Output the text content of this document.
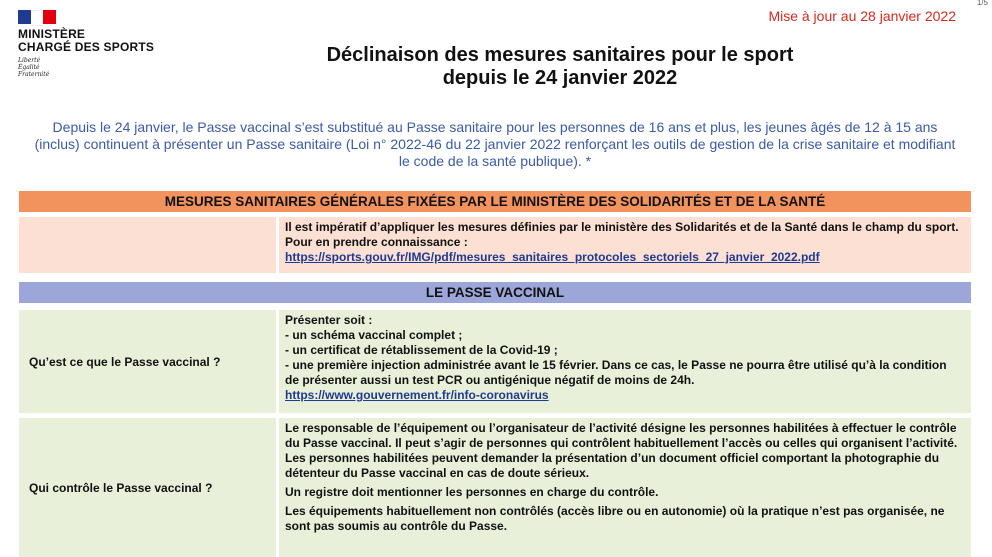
MINISTÈRE
CHARGÉ DES SPORTS
Liberté
Égalité
Fraternité
1/5
Mise à jour au 28 janvier 2022
Déclinaison des mesures sanitaires pour le sport
depuis le 24 janvier 2022
Depuis le 24 janvier, le Passe vaccinal s’est substitué au Passe sanitaire pour les personnes de 16 ans et plus, les jeunes âgés de 12 à 15 ans (inclus) continuent à présenter un Passe sanitaire (Loi n° 2022-46 du 22 janvier 2022 renforçant les outils de gestion de la crise sanitaire et modifiant le code de la santé publique). *
MESURES SANITAIRES GÉNÉRALES FIXÉES PAR LE MINISTÈRE DES SOLIDARITÉS ET DE LA SANTÉ
Il est impératif d’appliquer les mesures définies par le ministère des Solidarités et de la Santé dans le champ du sport. Pour en prendre connaissance :
https://sports.gouv.fr/IMG/pdf/mesures_sanitaires_protocoles_sectoriels_27_janvier_2022.pdf
LE PASSE VACCINAL
Qu’est ce que le Passe vaccinal ?
Présenter soit :
- un schéma vaccinal complet ;
- un certificat de rétablissement de la Covid-19 ;
- une première injection administrée avant le 15 février. Dans ce cas, le Passe ne pourra être utilisé qu’à la condition de présenter aussi un test PCR ou antigénique négatif de moins de 24h.
https://www.gouvernement.fr/info-coronavirus
Qui contrôle le Passe vaccinal ?
Le responsable de l’équipement ou l’organisateur de l’activité désigne les personnes habilitées à effectuer le contrôle du Passe vaccinal. Il peut s’agir de personnes qui contrôlent habituellement l’accès ou celles qui organisent l’activité. Les personnes habilitées peuvent demander la présentation d’un document officiel comportant la photographie du détenteur du Passe vaccinal en cas de doute sérieux.
Un registre doit mentionner les personnes en charge du contrôle.
Les équipements habituellement non contrôlés (accès libre ou en autonomie) où la pratique n’est pas organisée, ne sont pas soumis au contrôle du Passe.
